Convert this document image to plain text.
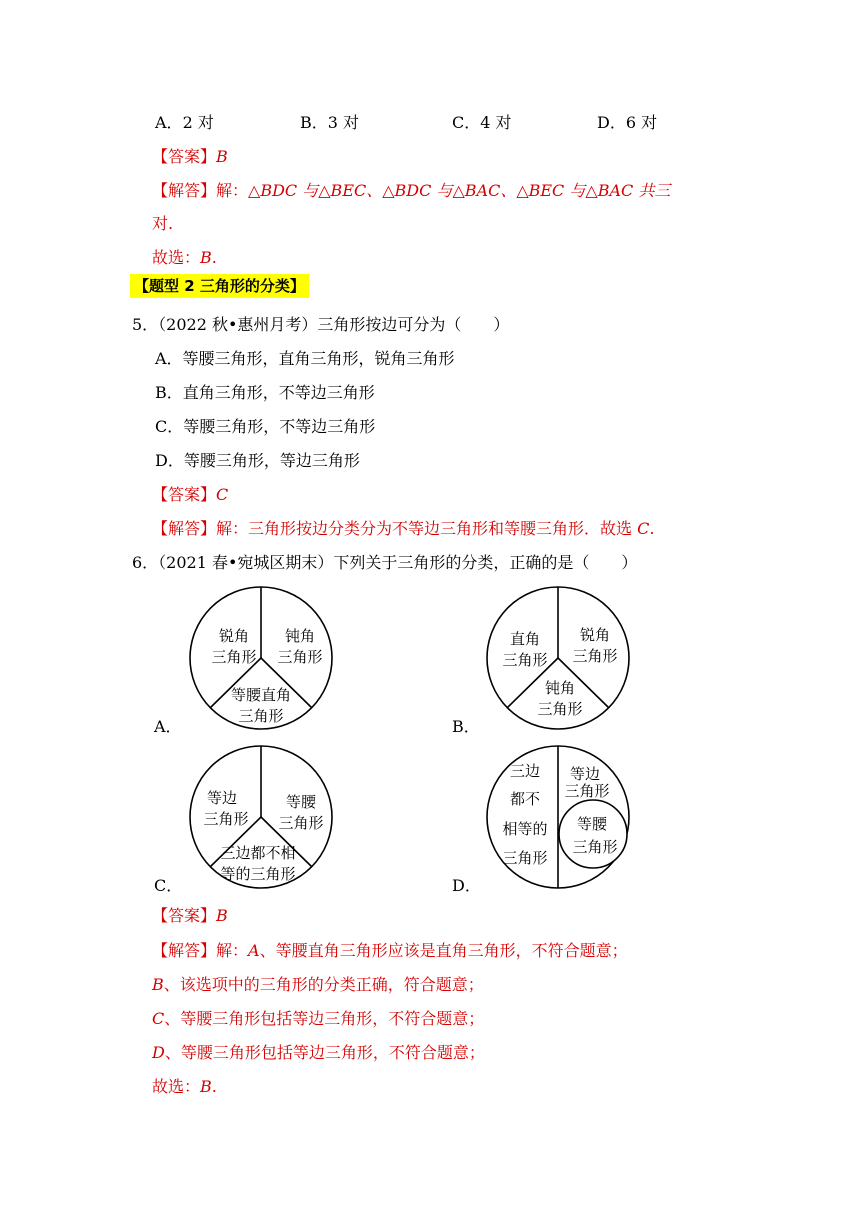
A．2 对	B．3 对	C．4 对	D．6 对
【答案】B
【解答】解：△BDC 与△BEC、△BDC 与△BAC、△BEC 与△BAC 共三
对.
故选：B.
【题型 2 三角形的分类】
5．（2022 秋•惠州月考）三角形按边可分为（　　）
A．等腰三角形，直角三角形，锐角三角形
B．直角三角形，不等边三角形
C．等腰三角形，不等边三角形
D．等腰三角形，等边三角形
【答案】C
【解答】解：三角形按边分类分为不等边三角形和等腰三角形．故选 C.
6．（2021 春•宛城区期末）下列关于三角形的分类，正确的是（　　）
锐角
三角形
钝角
三角形
等腰直角
三角形
A．
直角
三角形
锐角
三角形
钝角
三角形
B．
等边
三角形
等腰
三角形
三边都不相
等的三角形
C．
三边
都不
相等的
三角形
等边
三角形
等腰
三角形
D．
【答案】B
【解答】解：A、等腰直角三角形应该是直角三角形，不符合题意；
B、该选项中的三角形的分类正确，符合题意；
C、等腰三角形包括等边三角形，不符合题意；
D、等腰三角形包括等边三角形，不符合题意；
故选：B.
